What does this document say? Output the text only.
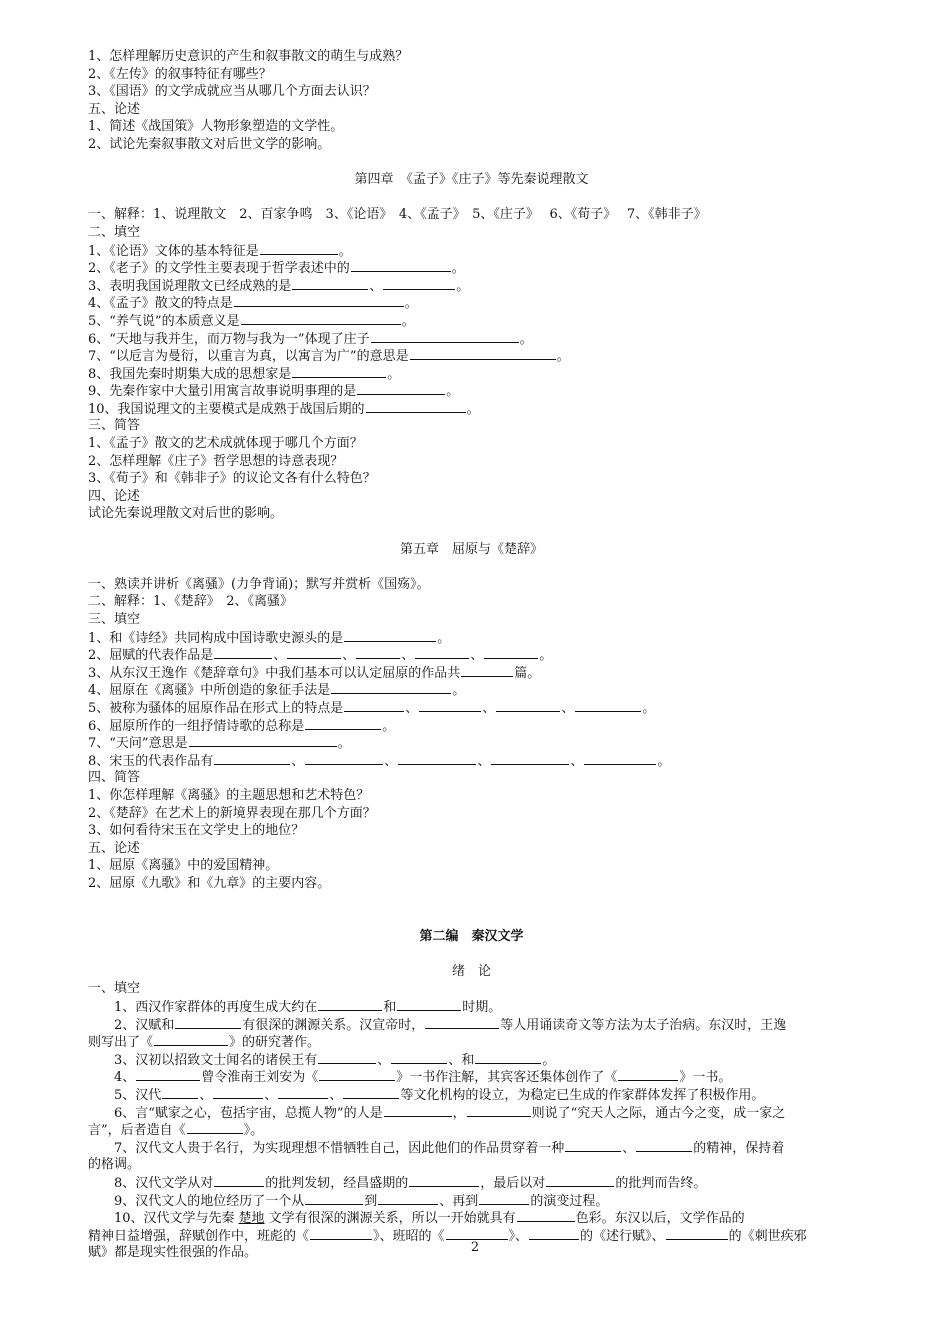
1、怎样理解历史意识的产生和叙事散文的萌生与成熟？
2、《左传》的叙事特征有哪些？
3、《国语》的文学成就应当从哪几个方面去认识？
五、论述
1、简述《战国策》人物形象塑造的文学性。
2、试论先秦叙事散文对后世文学的影响。
第四章　《孟子》《庄子》等先秦说理散文
一、解释：1、说理散文　2、百家争鸣　3、《论语》　4、《孟子》　5、《庄子》　 6、《荀子》　 7、《韩非子》
二、填空
1、《论语》文体的基本特征是	。
2、《老子》的文学性主要表现于哲学表述中的	。
3、表明我国说理散文已经成熟的是	、	。
4、《孟子》散文的特点是	。
5、“养气说”的本质意义是	。
6、“天地与我并生，而万物与我为一”体现了庄子	。
7、“以卮言为曼衍，以重言为真，以寓言为广”的意思是	。
8、我国先秦时期集大成的思想家是	。
9、先秦作家中大量引用寓言故事说明事理的是	。
10、我国说理文的主要模式是成熟于战国后期的	。
三、简答
1、《孟子》散文的艺术成就体现于哪几个方面？
2、怎样理解《庄子》哲学思想的诗意表现？
3、《荀子》和《韩非子》的议论文各有什么特色？
四、论述
试论先秦说理散文对后世的影响。
第五章　屈原与《楚辞》
一、熟读并讲析《离骚》(力争背诵)；默写并赏析《国殇》。
二、解释：1、《楚辞》　2、《离骚》
三、填空
1、和《诗经》共同构成中国诗歌史源头的是	。
2、屈赋的代表作品是	、	、	、	、	。
3、从东汉王逸作《楚辞章句》中我们基本可以认定屈原的作品共	篇。
4、屈原在《离骚》中所创造的象征手法是	。
5、被称为骚体的屈原作品在形式上的特点是	、	、	、	。
6、屈原所作的一组抒情诗歌的总称是	。
7、“天问”意思是	。
8、宋玉的代表作品有	、	、	、	、	。
四、简答
1、你怎样理解《离骚》的主题思想和艺术特色？
2、《楚辞》在艺术上的新境界表现在那几个方面？
3、如何看待宋玉在文学史上的地位？
五、论述
1、屈原《离骚》中的爱国精神。
2、屈原《九歌》和《九章》的主要内容。
第二编　秦汉文学
绪　论
一、填空
1、西汉作家群体的再度生成大约在	和	时期。
2、汉赋和	有很深的渊源关系。汉宣帝时，	等人用诵读奇文等方法为太子治病。东汉时，王逸
则写出了《	》的研究著作。
3、汉初以招致文士闻名的诸侯王有	、	、和	。
4、	曾令淮南王刘安为《	》一书作注解，其宾客还集体创作了《	》一书。
5、汉代	、	、	、	等文化机构的设立，为稳定已生成的作家群体发挥了积极作用。
6、言“赋家之心，苞括宇宙，总揽人物”的人是	，	则说了“究天人之际，通古今之变，成一家之
言”，后者造自《	》。
7、汉代文人贵于名行，为实现理想不惜牺牲自己，因此他们的作品贯穿着一种	、	的精神，保持着
的格调。
8、汉代文学从对	的批判发轫，经昌盛期的	，最后以对	的批判而告终。
9、汉代文人的地位经历了一个从	到	、再到	的演变过程。
10、汉代文学与先秦 楚地 文学有很深的渊源关系，所以一开始就具有	色彩。东汉以后，文学作品的
精神日益增强，辞赋创作中，班彪的《	》、班昭的《	》、	的《述行赋》、	的《刺世疾邪
赋》都是现实性很强的作品。	2
